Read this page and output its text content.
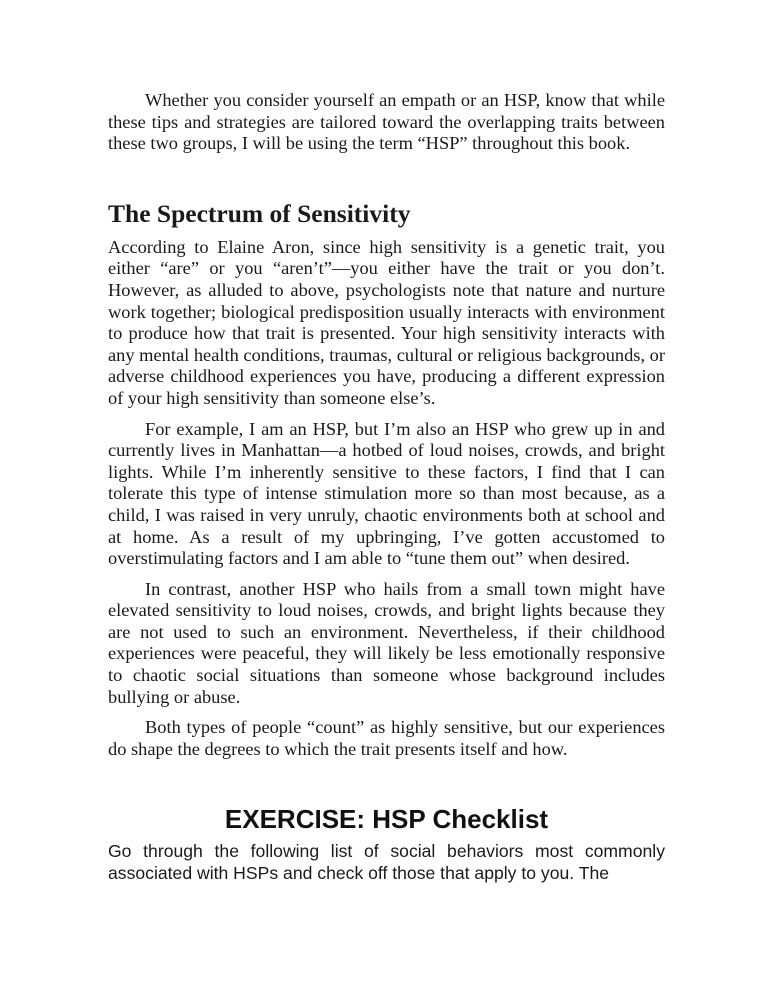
Whether you consider yourself an empath or an HSP, know that while these tips and strategies are tailored toward the overlapping traits between these two groups, I will be using the term “HSP” throughout this book.

The Spectrum of Sensitivity

According to Elaine Aron, since high sensitivity is a genetic trait, you either “are” or you “aren’t”—you either have the trait or you don’t. However, as alluded to above, psychologists note that nature and nurture work together; biological predisposition usually interacts with environment to produce how that trait is presented. Your high sensitivity interacts with any mental health conditions, traumas, cultural or religious backgrounds, or adverse childhood experiences you have, producing a different expression of your high sensitivity than someone else’s.

For example, I am an HSP, but I’m also an HSP who grew up in and currently lives in Manhattan—a hotbed of loud noises, crowds, and bright lights. While I’m inherently sensitive to these factors, I find that I can tolerate this type of intense stimulation more so than most because, as a child, I was raised in very unruly, chaotic environments both at school and at home. As a result of my upbringing, I’ve gotten accustomed to overstimulating factors and I am able to “tune them out” when desired.

In contrast, another HSP who hails from a small town might have elevated sensitivity to loud noises, crowds, and bright lights because they are not used to such an environment. Nevertheless, if their childhood experiences were peaceful, they will likely be less emotionally responsive to chaotic social situations than someone whose background includes bullying or abuse.

Both types of people “count” as highly sensitive, but our experiences do shape the degrees to which the trait presents itself and how.

EXERCISE: HSP Checklist

Go through the following list of social behaviors most commonly associated with HSPs and check off those that apply to you. The
